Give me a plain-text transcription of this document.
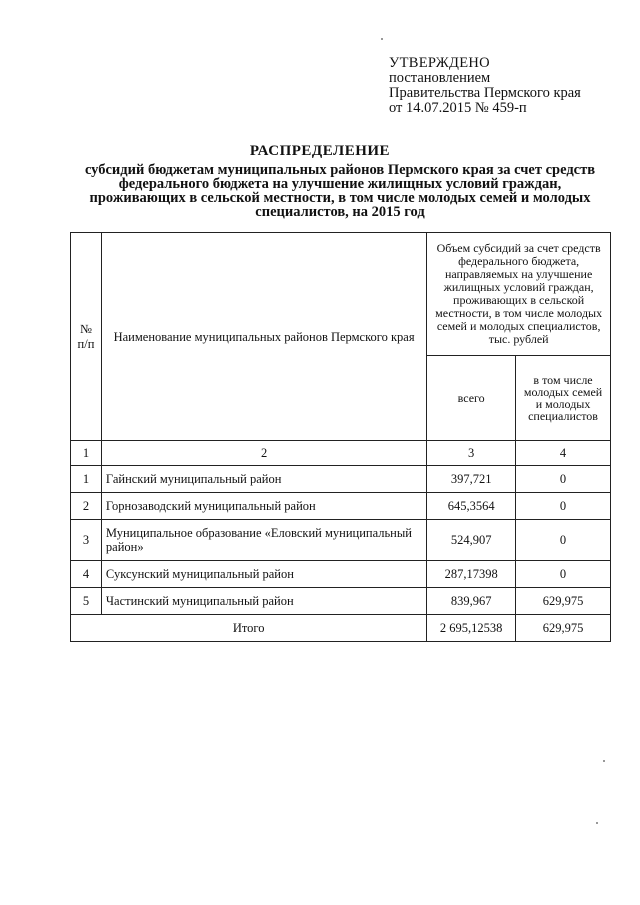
УТВЕРЖДЕНО
постановлением
Правительства Пермского края
от 14.07.2015 № 459-п
РАСПРЕДЕЛЕНИЕ
субсидий бюджетам муниципальных районов Пермского края за счет средств федерального бюджета на улучшение жилищных условий граждан, проживающих в сельской местности, в том числе молодых семей и молодых специалистов, на 2015 год
№ п/п	Наименование муниципальных районов Пермского края	Объем субсидий за счет средств федерального бюджета, направляемых на улучшение жилищных условий граждан, проживающих в сельской местности, в том числе молодых семей и молодых специалистов, тыс. рублей	
		всего	в том числе молодых семей и молодых специалистов
1	2	3	4
1	Гайнский муниципальный район	397,721	0
2	Горнозаводский муниципальный район	645,3564	0
3	Муниципальное образование «Еловский муниципальный район»	524,907	0
4	Суксунский муниципальный район	287,17398	0
5	Частинский муниципальный район	839,967	629,975
Итого		2 695,12538	629,975
